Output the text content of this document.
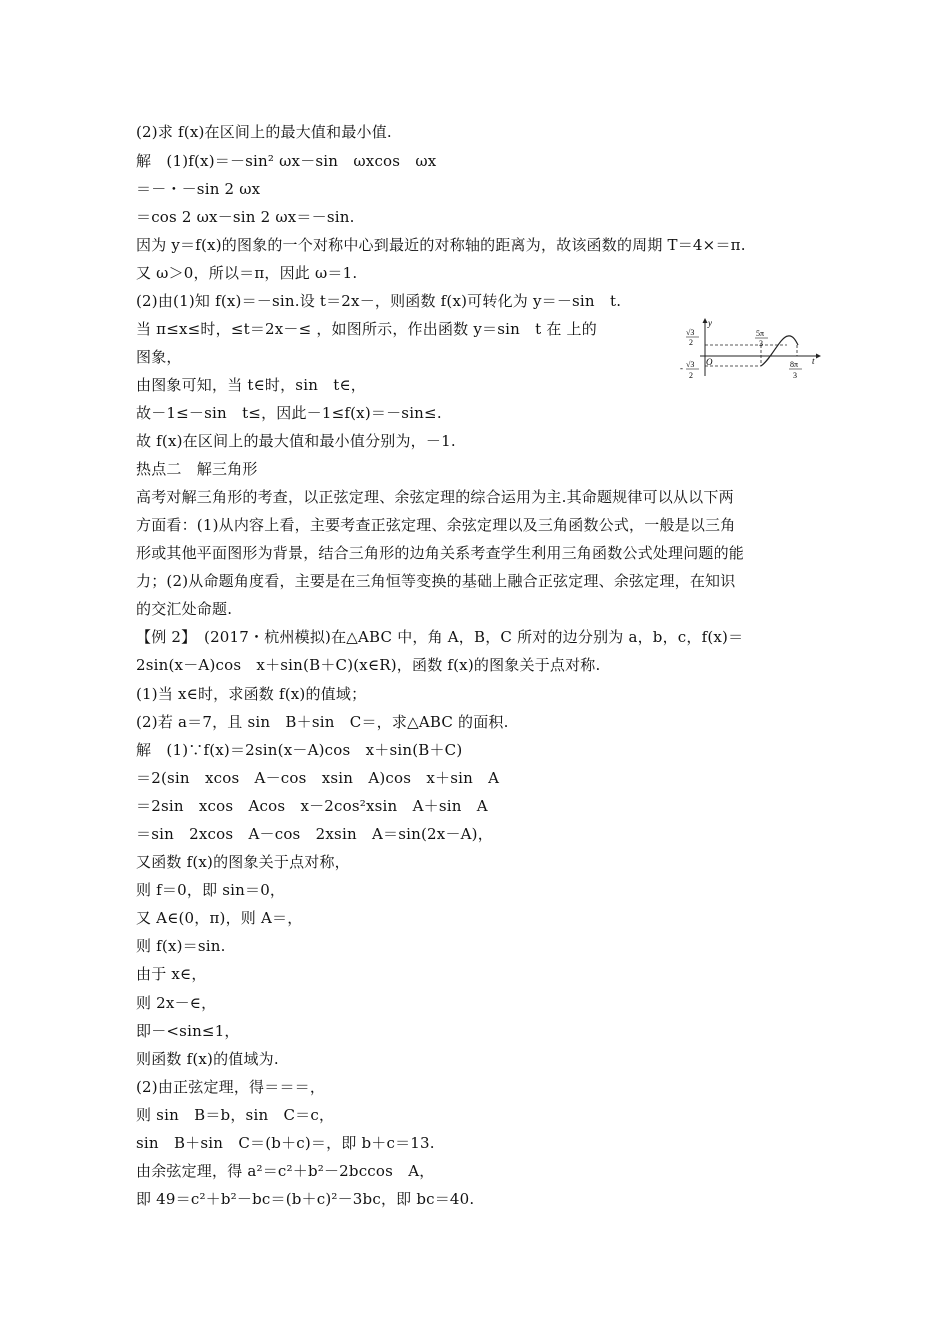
(2)求 f(x)在区间上的最大值和最小值.
解　(1)f(x)＝－sin² ωx－sin　ωxcos　ωx
＝－・－sin 2 ωx
＝cos 2 ωx－sin 2 ωx＝－sin.
因为 y＝f(x)的图象的一个对称中心到最近的对称轴的距离为，故该函数的周期 T＝4×＝π.
又 ω＞0，所以＝π，因此 ω＝1.
(2)由(1)知 f(x)＝－sin.设 t＝2x－，则函数 f(x)可转化为 y＝－sin　t.
当 π≤x≤时，≤t＝2x－≤ ，如图所示，作出函数 y＝sin　t 在 上的
图象，
由图象可知，当 t∈时，sin　t∈，
故－1≤－sin　t≤，因此－1≤f(x)＝－sin≤.
故 f(x)在区间上的最大值和最小值分别为，－1.
热点二　解三角形
高考对解三角形的考查，以正弦定理、余弦定理的综合运用为主.其命题规律可以从以下两
方面看：(1)从内容上看，主要考查正弦定理、余弦定理以及三角函数公式，一般是以三角
形或其他平面图形为背景，结合三角形的边角关系考查学生利用三角函数公式处理问题的能
力；(2)从命题角度看，主要是在三角恒等变换的基础上融合正弦定理、余弦定理，在知识
的交汇处命题.
【例 2】　(2017・杭州模拟)在△ABC 中，角 A，B，C 所对的边分别为 a，b，c，f(x)＝
2sin(x－A)cos　x＋sin(B＋C)(x∈R)，函数 f(x)的图象关于点对称.
(1)当 x∈时，求函数 f(x)的值域；
(2)若 a＝7，且 sin　B＋sin　C＝，求△ABC 的面积.
解　(1)∵f(x)＝2sin(x－A)cos　x＋sin(B＋C)
＝2(sin　xcos　A－cos　xsin　A)cos　x＋sin　A
＝2sin　xcos　Acos　x－2cos²xsin　A＋sin　A
＝sin　2xcos　A－cos　2xsin　A＝sin(2x－A)，
又函数 f(x)的图象关于点对称，
则 f＝0，即 sin＝0，
又 A∈(0，π)，则 A＝，
则 f(x)＝sin.
由于 x∈，
则 2x－∈，
即－<sin≤1，
则函数 f(x)的值域为.
(2)由正弦定理，得＝＝＝，
则 sin　B＝b，sin　C＝c，
sin　B＋sin　C＝(b＋c)＝，即 b＋c＝13.
由余弦定理，得 a²＝c²＋b²－2bccos　A，
即 49＝c²＋b²－bc＝(b＋c)²－3bc，即 bc＝40.
y
t
O
√3
2
- √3
2
5π
3
8π
3
